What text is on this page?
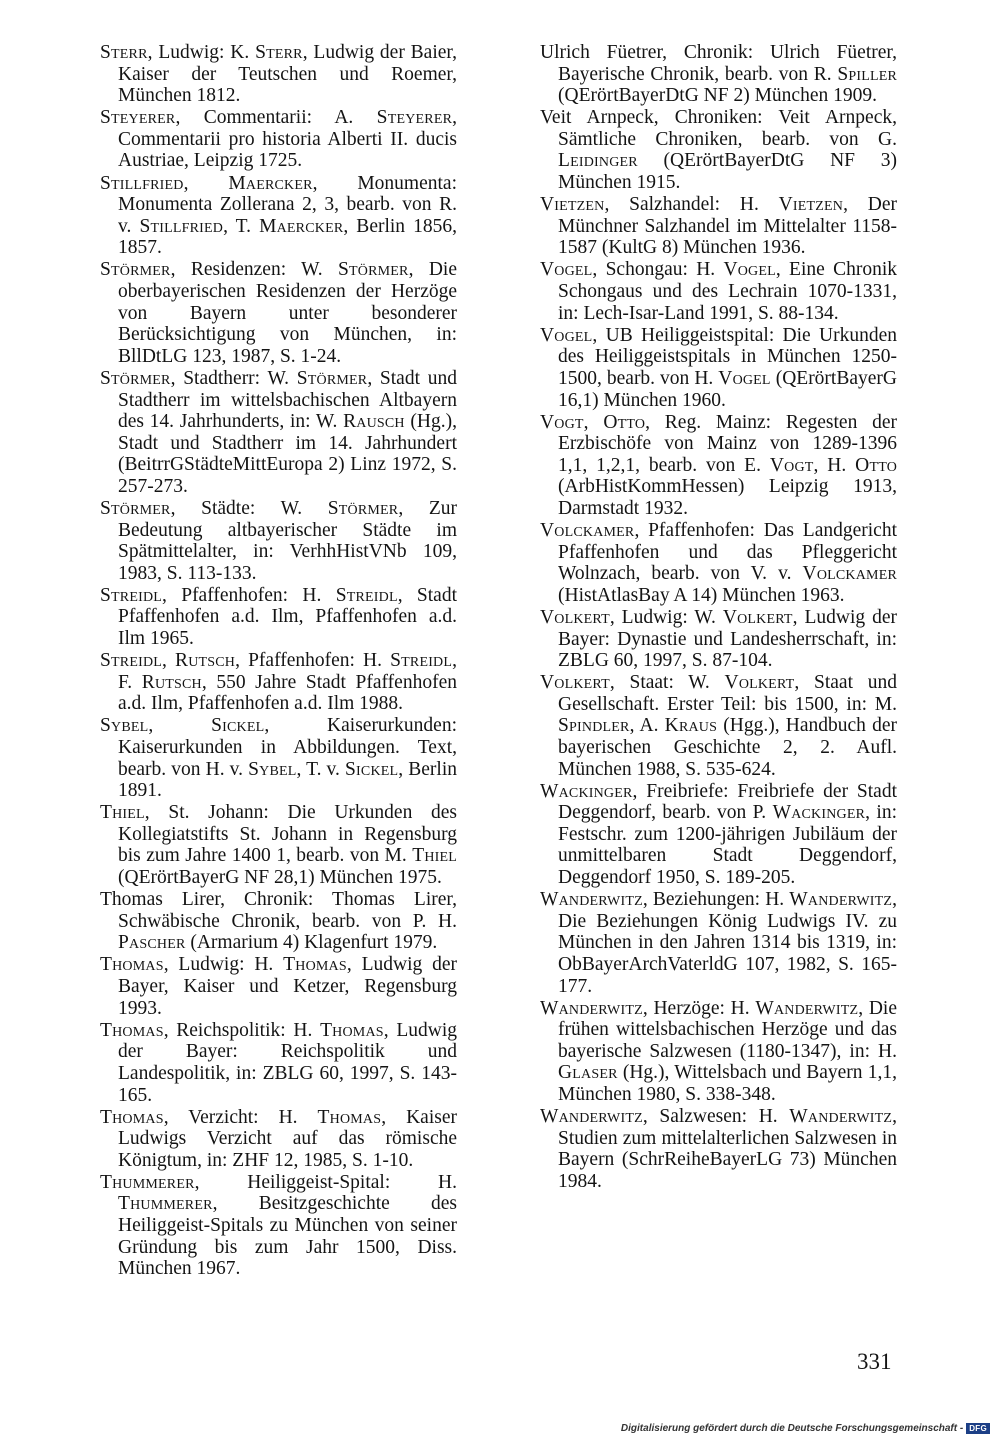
Sterr, Ludwig: K. Sterr, Ludwig der Baier, Kaiser der Teutschen und Roemer, München 1812.

Steyerer, Commentarii: A. Steyerer, Commentarii pro historia Alberti II. ducis Austriae, Leipzig 1725.

Stillfried, Maercker, Monumenta: Monumenta Zollerana 2, 3, bearb. von R. v. Stillfried, T. Maercker, Berlin 1856, 1857.

Störmer, Residenzen: W. Störmer, Die oberbayerischen Residenzen der Herzöge von Bayern unter besonderer Berücksichtigung von München, in: BllDtLG 123, 1987, S. 1-24.

Störmer, Stadtherr: W. Störmer, Stadt und Stadtherr im wittelsbachischen Altbayern des 14. Jahrhunderts, in: W. Rausch (Hg.), Stadt und Stadtherr im 14. Jahrhundert (BeitrrGStädteMittEuropa 2) Linz 1972, S. 257-273.

Störmer, Städte: W. Störmer, Zur Bedeutung altbayerischer Städte im Spätmittelalter, in: VerhhHistVNb 109, 1983, S. 113-133.

Streidl, Pfaffenhofen: H. Streidl, Stadt Pfaffenhofen a.d. Ilm, Pfaffenhofen a.d. Ilm 1965.

Streidl, Rutsch, Pfaffenhofen: H. Streidl, F. Rutsch, 550 Jahre Stadt Pfaffenhofen a.d. Ilm, Pfaffenhofen a.d. Ilm 1988.

Sybel, Sickel, Kaiserurkunden: Kaiserurkunden in Abbildungen. Text, bearb. von H. v. Sybel, T. v. Sickel, Berlin 1891.

Thiel, St. Johann: Die Urkunden des Kollegiatstifts St. Johann in Regensburg bis zum Jahre 1400 1, bearb. von M. Thiel (QErörtBayerG NF 28,1) München 1975.

Thomas Lirer, Chronik: Thomas Lirer, Schwäbische Chronik, bearb. von P. H. Pascher (Armarium 4) Klagenfurt 1979.

Thomas, Ludwig: H. Thomas, Ludwig der Bayer, Kaiser und Ketzer, Regensburg 1993.

Thomas, Reichspolitik: H. Thomas, Ludwig der Bayer: Reichspolitik und Landespolitik, in: ZBLG 60, 1997, S. 143-165.

Thomas, Verzicht: H. Thomas, Kaiser Ludwigs Verzicht auf das römische Königtum, in: ZHF 12, 1985, S. 1-10.

Thummerer, Heiliggeist-Spital: H. Thummerer, Besitzgeschichte des Heiliggeist-Spitals zu München von seiner Gründung bis zum Jahr 1500, Diss. München 1967.

Ulrich Füetrer, Chronik: Ulrich Füetrer, Bayerische Chronik, bearb. von R. Spiller (QErörtBayerDtG NF 2) München 1909.

Veit Arnpeck, Chroniken: Veit Arnpeck, Sämtliche Chroniken, bearb. von G. Leidinger (QErörtBayerDtG NF 3) München 1915.

Vietzen, Salzhandel: H. Vietzen, Der Münchner Salzhandel im Mittelalter 1158-1587 (KultG 8) München 1936.

Vogel, Schongau: H. Vogel, Eine Chronik Schongaus und des Lechrain 1070-1331, in: Lech-Isar-Land 1991, S. 88-134.

Vogel, UB Heiliggeistspital: Die Urkunden des Heiliggeistspitals in München 1250-1500, bearb. von H. Vogel (QErörtBayerG 16,1) München 1960.

Vogt, Otto, Reg. Mainz: Regesten der Erzbischöfe von Mainz von 1289-1396 1,1, 1,2,1, bearb. von E. Vogt, H. Otto (ArbHistKommHessen) Leipzig 1913, Darmstadt 1932.

Volckamer, Pfaffenhofen: Das Landgericht Pfaffenhofen und das Pfleggericht Wolnzach, bearb. von V. v. Volckamer (HistAtlasBay A 14) München 1963.

Volkert, Ludwig: W. Volkert, Ludwig der Bayer: Dynastie und Landesherrschaft, in: ZBLG 60, 1997, S. 87-104.

Volkert, Staat: W. Volkert, Staat und Gesellschaft. Erster Teil: bis 1500, in: M. Spindler, A. Kraus (Hgg.), Handbuch der bayerischen Geschichte 2, 2. Aufl. München 1988, S. 535-624.

Wackinger, Freibriefe: Freibriefe der Stadt Deggendorf, bearb. von P. Wackinger, in: Festschr. zum 1200-jährigen Jubiläum der unmittelbaren Stadt Deggendorf, Deggendorf 1950, S. 189-205.

Wanderwitz, Beziehungen: H. Wanderwitz, Die Beziehungen König Ludwigs IV. zu München in den Jahren 1314 bis 1319, in: ObBayerArchVaterldG 107, 1982, S. 165-177.

Wanderwitz, Herzöge: H. Wanderwitz, Die frühen wittelsbachischen Herzöge und das bayerische Salzwesen (1180-1347), in: H. Glaser (Hg.), Wittelsbach und Bayern 1,1, München 1980, S. 338-348.

Wanderwitz, Salzwesen: H. Wanderwitz, Studien zum mittelalterlichen Salzwesen in Bayern (SchrReiheBayerLG 73) München 1984.

331
Digitalisierung gefördert durch die Deutsche Forschungsgemeinschaft - DFG
